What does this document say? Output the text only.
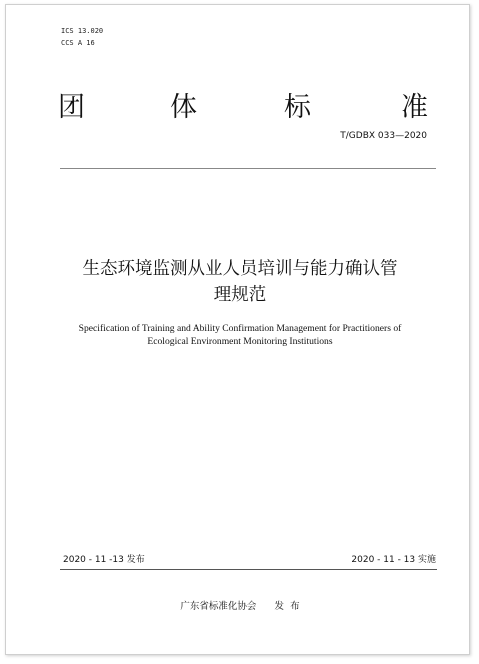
ICS 13.020
CCS A 16
团	体	标	准
T/GDBX 033—2020
生态环境监测从业人员培训与能力确认管
理规范
Specification of Training and Ability Confirmation Management for Practitioners of
Ecological Environment Monitoring Institutions
2020 - 11 -13 发布	2020 - 11 - 13 实施
广东省标准化协会      发  布
